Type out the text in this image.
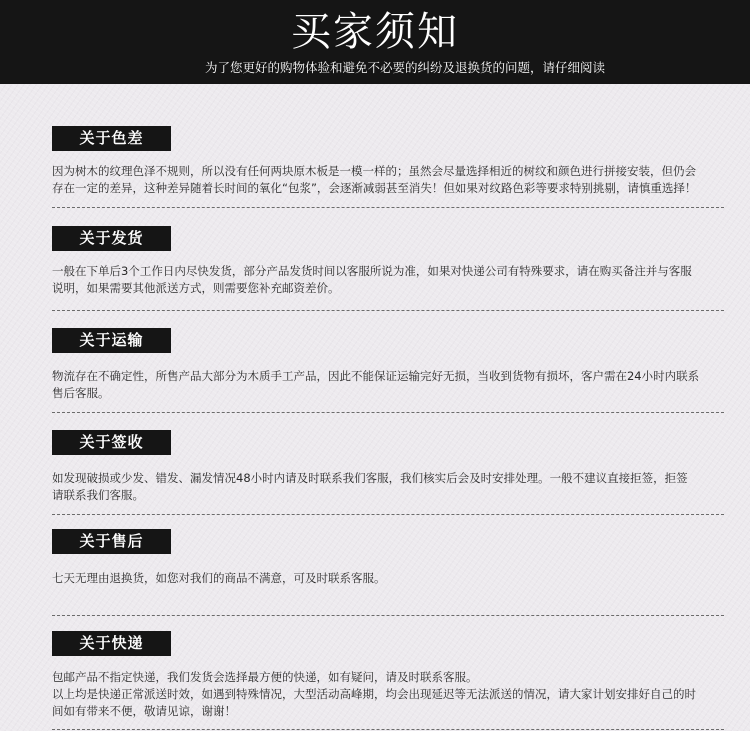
买家须知
为了您更好的购物体验和避免不必要的纠纷及退换货的问题，请仔细阅读
关于色差

因为树木的纹理色泽不规则，所以没有任何两块原木板是一模一样的；虽然会尽量选择相近的树纹和颜色进行拼接安装，但仍会

存在一定的差异，这种差异随着长时间的氧化“包浆”，会逐渐减弱甚至消失！但如果对纹路色彩等要求特别挑剔，请慎重选择！

关于发货

一般在下单后3个工作日内尽快发货，部分产品发货时间以客服所说为准，如果对快递公司有特殊要求，请在购买备注并与客服

说明，如果需要其他派送方式，则需要您补充邮资差价。

关于运输

物流存在不确定性，所售产品大部分为木质手工产品，因此不能保证运输完好无损，当收到货物有损坏，客户需在24小时内联系

售后客服。

关于签收

如发现破损或少发、错发、漏发情况48小时内请及时联系我们客服，我们核实后会及时安排处理。一般不建议直接拒签，拒签

请联系我们客服。

关于售后

七天无理由退换货，如您对我们的商品不满意，可及时联系客服。

关于快递

包邮产品不指定快递，我们发货会选择最方便的快递，如有疑问，请及时联系客服。

以上均是快递正常派送时效，如遇到特殊情况，大型活动高峰期，均会出现延迟等无法派送的情况，请大家计划安排好自己的时

间如有带来不便，敬请见谅，谢谢！
